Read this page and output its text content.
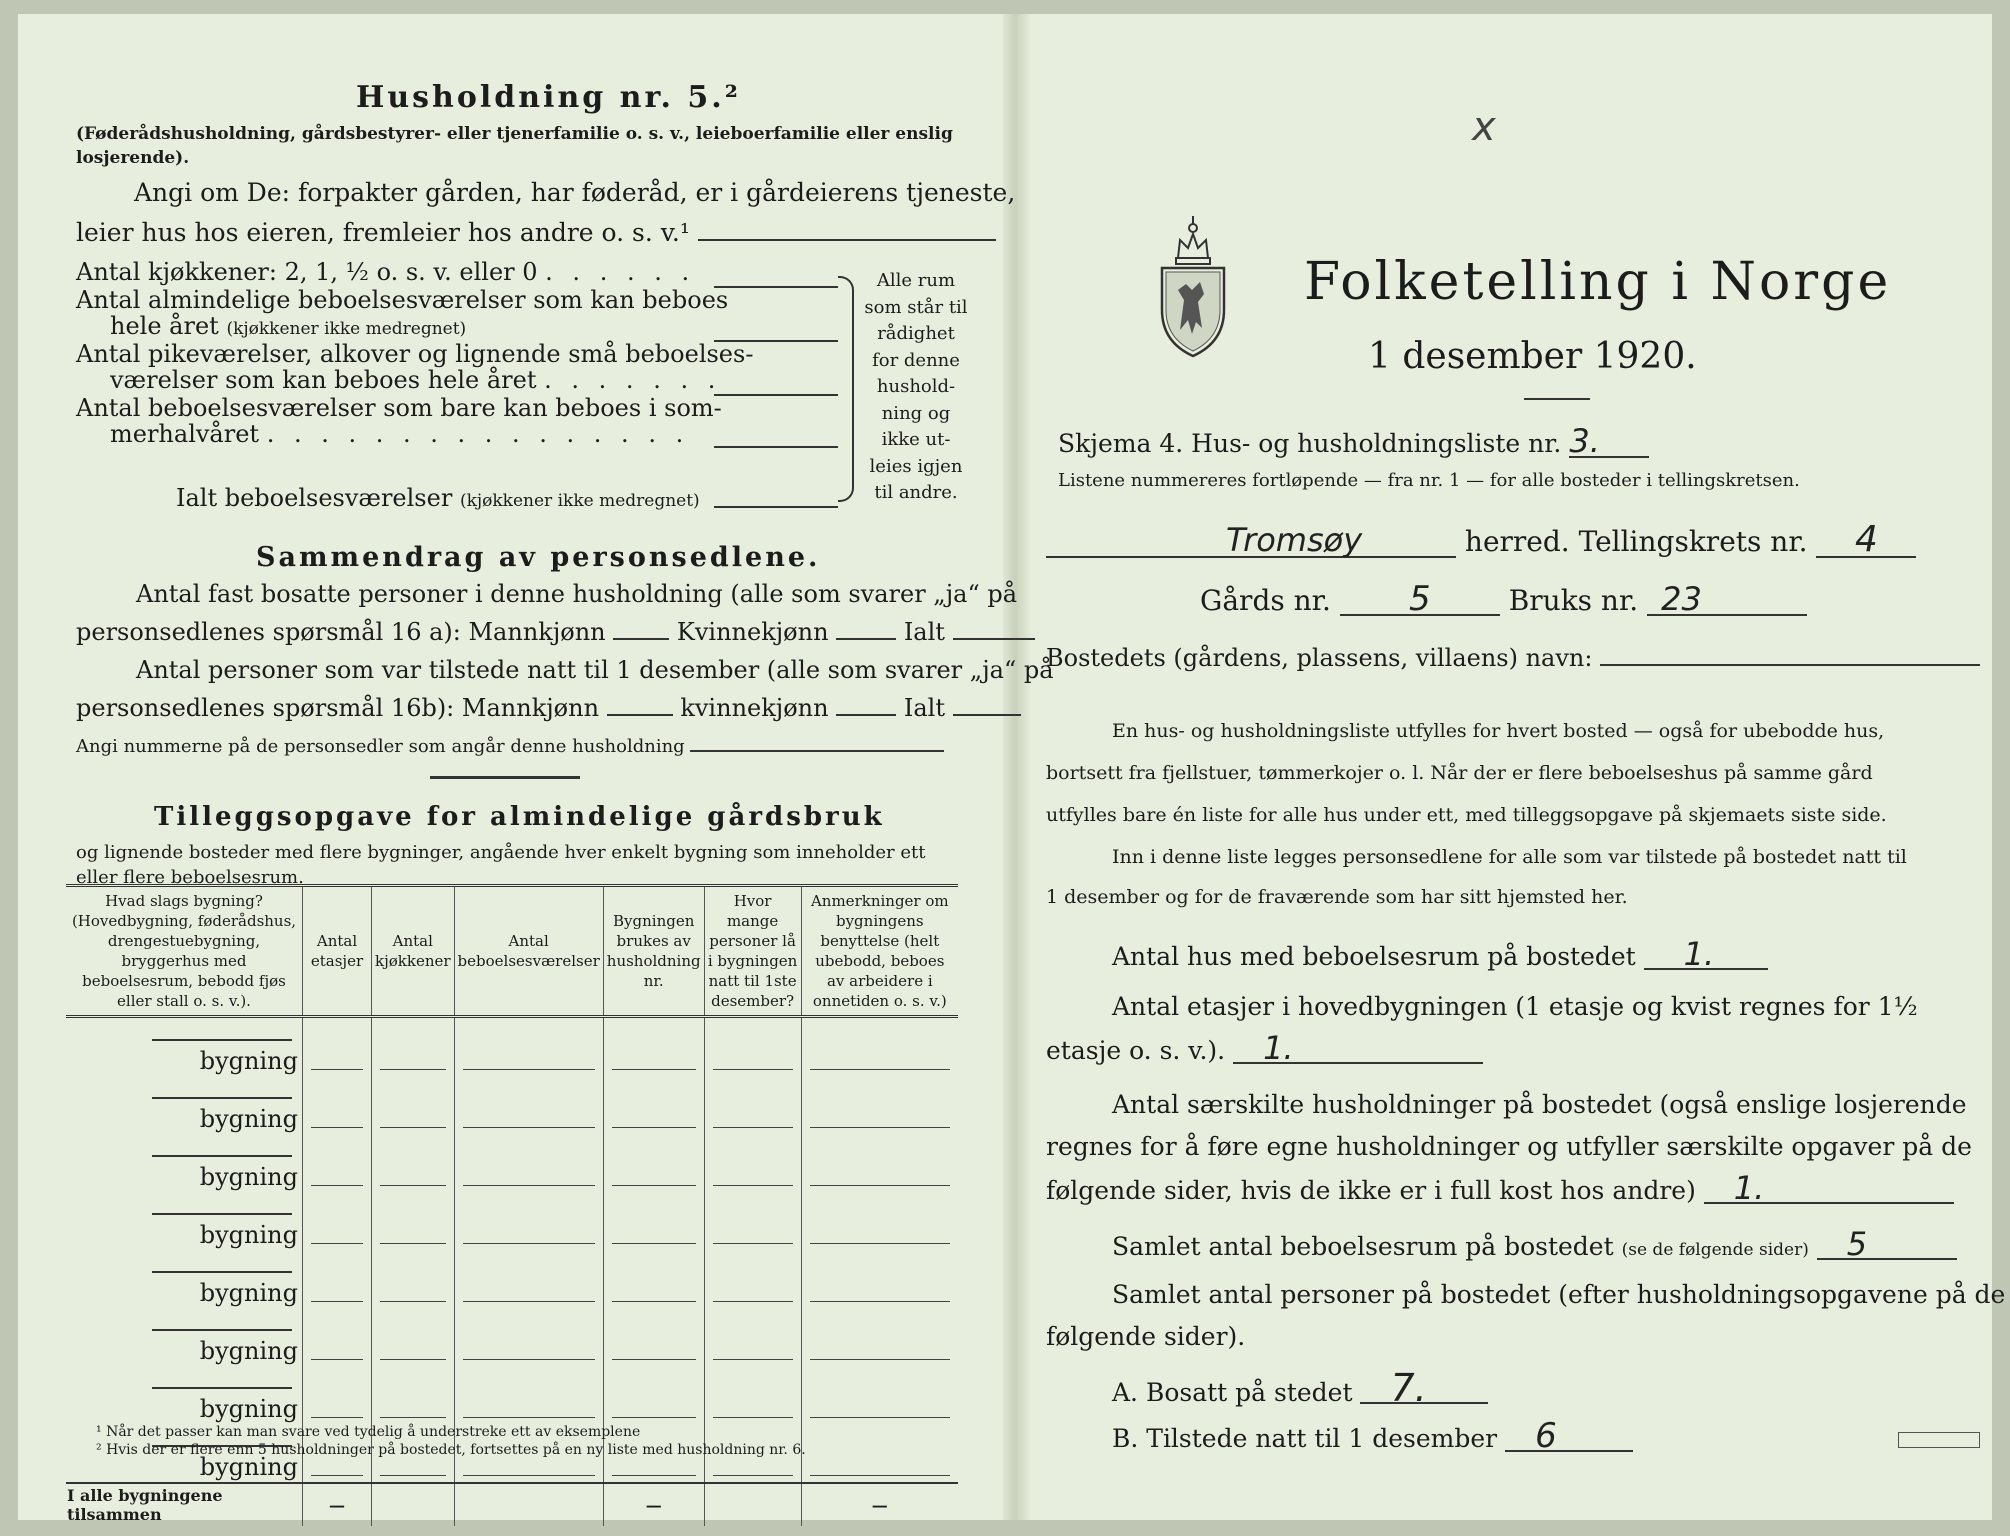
Husholdning nr. 5.²
(Føderådshusholdning, gårdsbestyrer- eller tjenerfamilie o. s. v., leieboerfamilie eller enslig losjerende).
Angi om De: forpakter gården, har føderåd, er i gårdeierens tjeneste,
leier hus hos eieren, fremleier hos andre o. s. v.¹
Antal kjøkkener: 2, 1, ½ o. s. v. eller 0 . . . . . .
Antal almindelige beboelsesværelser som kan beboes
hele året (kjøkkener ikke medregnet)
Antal pikeværelser, alkover og lignende små beboelses-
værelser som kan beboes hele året . . . . . . .
Antal beboelsesværelser som bare kan beboes i som-
merhalvåret . . . . . . . . . . . . . . . .
Alle rum
som står til
rådighet
for denne
hushold-
ning og
ikke ut-
leies igjen
til andre.
Ialt beboelsesværelser (kjøkkener ikke medregnet)
Sammendrag av personsedlene.
Antal fast bosatte personer i denne husholdning (alle som svarer „ja“ på
personsedlenes spørsmål 16 a): Mannkjønn	Kvinnekjønn	Ialt
Antal personer som var tilstede natt til 1 desember (alle som svarer „ja“ på
personsedlenes spørsmål 16b): Mannkjønn	kvinnekjønn	Ialt
Angi nummerne på de personsedler som angår denne husholdning
Tilleggsopgave for almindelige gårdsbruk
og lignende bosteder med flere bygninger, angående hver enkelt bygning som inneholder ett eller flere beboelsesrum.
Hvad slags bygning? (Hovedbygning, føderådshus, drengestuebygning, bryggerhus med beboelsesrum, bebodd fjøs eller stall o. s. v.).	Antal etasjer	Antal kjøkkener	Antal beboelsesværelser	Bygningen brukes av husholdning nr.	Hvor mange personer lå i bygningen natt til 1ste desember?	Anmerkninger om bygningens benyttelse (helt ubebodd, beboes av arbeidere i onnetiden o. s. v.)
bygning						
bygning						
bygning						
bygning						
bygning						
bygning						
bygning						
bygning						
I alle bygningene tilsammen	—			—		—
¹ Når det passer kan man svare ved tydelig å understreke ett av eksemplene
² Hvis der er flere enn 5 husholdninger på bostedet, fortsettes på en ny liste med husholdning nr. 6.
x
Folketelling i Norge
1 desember 1920.
Skjema 4. Hus- og husholdningsliste nr. 3.
Listene nummereres fortløpende — fra nr. 1 — for alle bosteder i tellingskretsen.
Tromsøy	herred. Tellingskrets nr. 4
Gårds nr. 5	Bruks nr. 23
Bostedets (gårdens, plassens, villaens) navn:
En hus- og husholdningsliste utfylles for hvert bosted — også for ubebodde hus,
bortsett fra fjellstuer, tømmerkojer o. l. Når der er flere beboelseshus på samme gård
utfylles bare én liste for alle hus under ett, med tilleggsopgave på skjemaets siste side.
Inn i denne liste legges personsedlene for alle som var tilstede på bostedet natt til
1 desember og for de fraværende som har sitt hjemsted her.
Antal hus med beboelsesrum på bostedet 1.
Antal etasjer i hovedbygningen (1 etasje og kvist regnes for 1½
etasje o. s. v.). 1.
Antal særskilte husholdninger på bostedet (også enslige losjerende
regnes for å føre egne husholdninger og utfyller særskilte opgaver på de
følgende sider, hvis de ikke er i full kost hos andre) 1.
Samlet antal beboelsesrum på bostedet (se de følgende sider) 5
Samlet antal personer på bostedet (efter husholdningsopgavene på de
følgende sider).
A. Bosatt på stedet 7.
B. Tilstede natt til 1 desember 6
